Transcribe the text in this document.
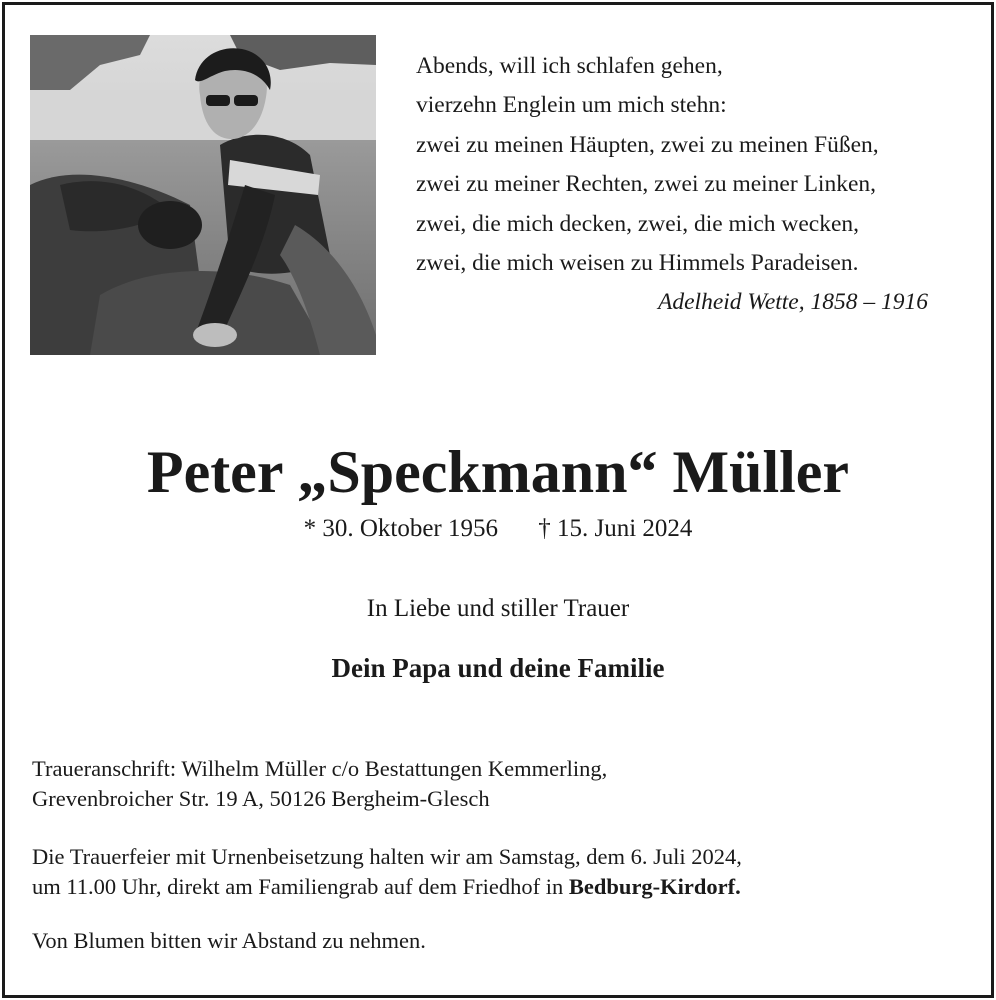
Abends, will ich schlafen gehen,
vierzehn Englein um mich stehn:
zwei zu meinen Häupten, zwei zu meinen Füßen,
zwei zu meiner Rechten, zwei zu meiner Linken,
zwei, die mich decken, zwei, die mich wecken,
zwei, die mich weisen zu Himmels Paradeisen.
Adelheid Wette, 1858 – 1916
Peter „Speckmann“ Müller
* 30. Oktober 1956 † 15. Juni 2024
In Liebe und stiller Trauer
Dein Papa und deine Familie
Traueranschrift: Wilhelm Müller c/o Bestattungen Kemmerling,
Grevenbroicher Str. 19 A, 50126 Bergheim-Glesch
Die Trauerfeier mit Urnenbeisetzung halten wir am Samstag, dem 6. Juli 2024,
um 11.00 Uhr, direkt am Familiengrab auf dem Friedhof in Bedburg-Kirdorf.
Von Blumen bitten wir Abstand zu nehmen.
